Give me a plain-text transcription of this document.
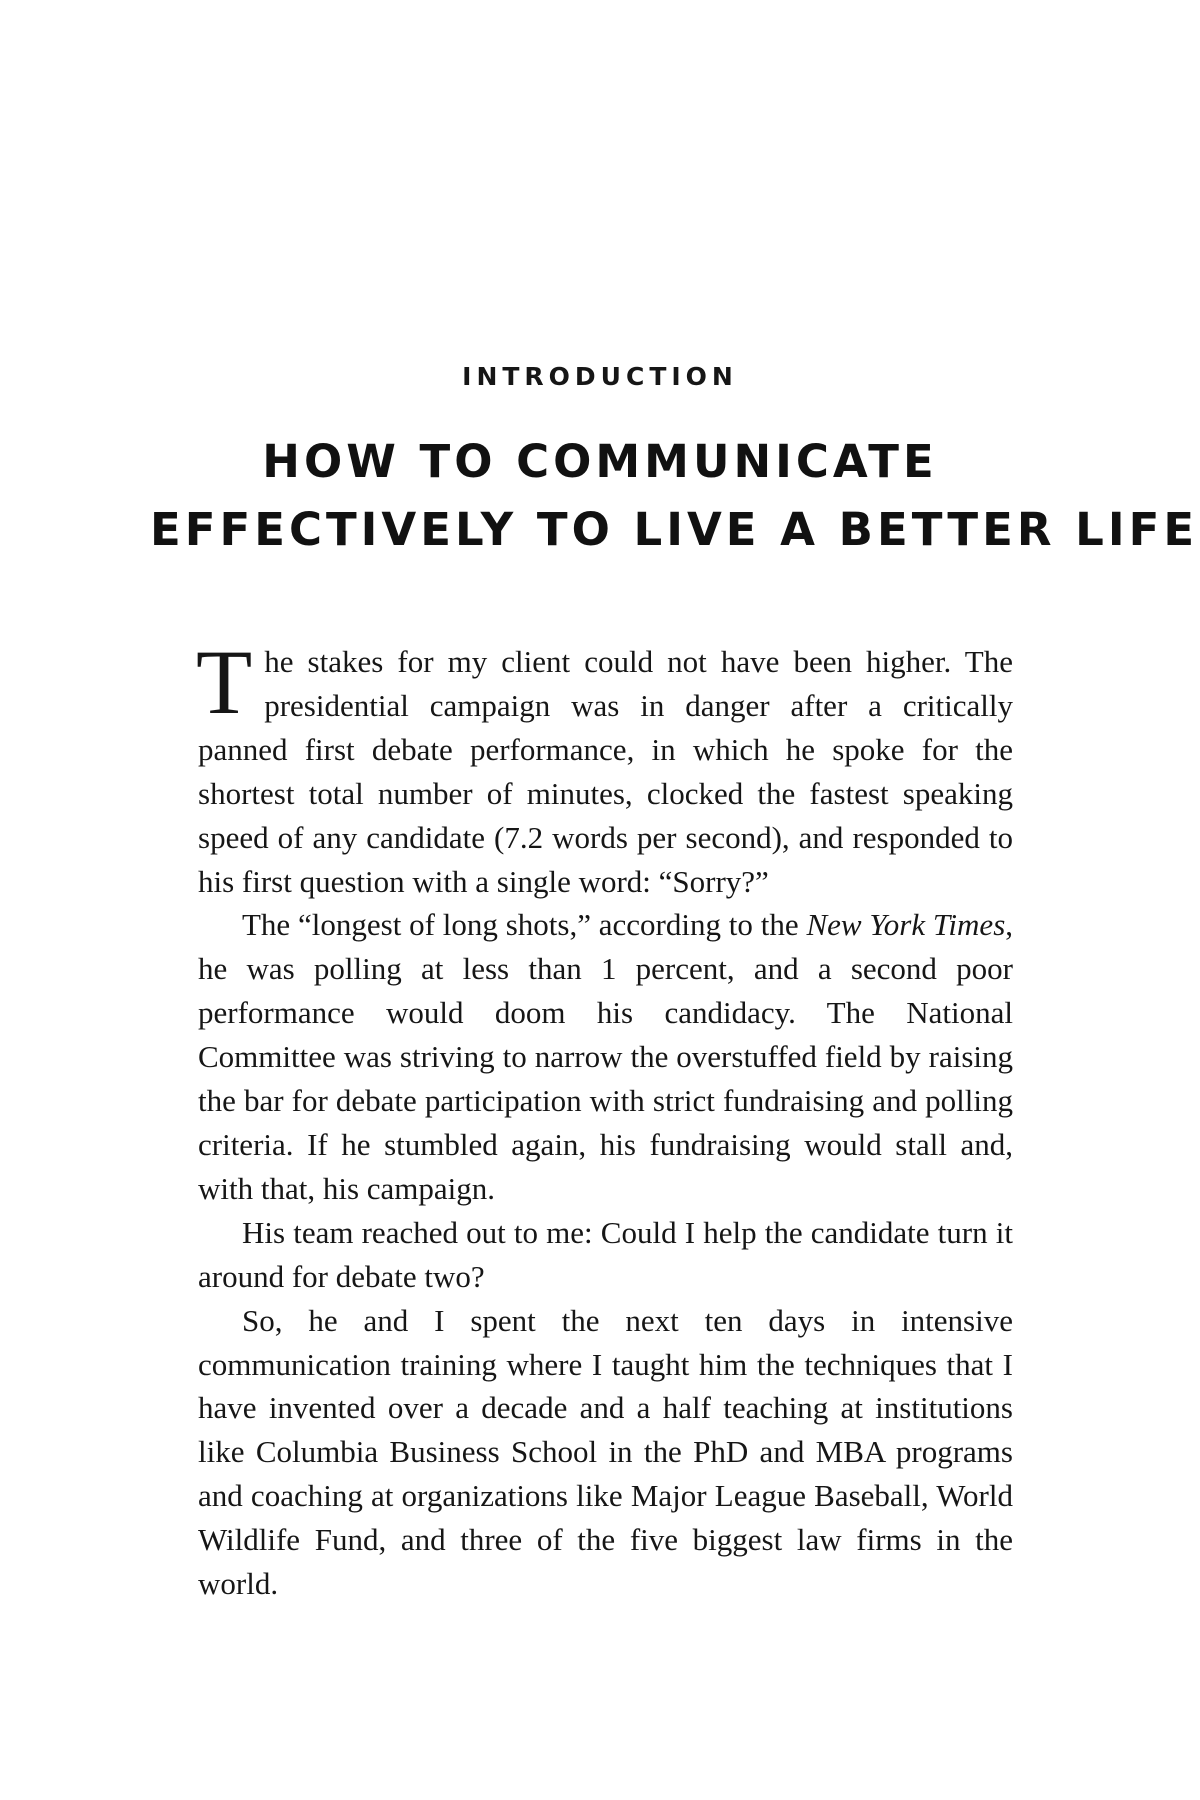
INTRODUCTION
HOW TO COMMUNICATE
EFFECTIVELY TO LIVE A BETTER LIFE

The stakes for my client could not have been higher. The presidential campaign was in danger after a critically panned first debate performance, in which he spoke for the shortest total number of minutes, clocked the fastest speaking speed of any candidate (7.2 words per second), and responded to his first question with a single word: “Sorry?”

The “longest of long shots,” according to the New York Times, he was polling at less than 1 percent, and a second poor performance would doom his candidacy. The National Committee was striving to narrow the overstuffed field by raising the bar for debate participation with strict fundraising and polling criteria. If he stumbled again, his fundraising would stall and, with that, his campaign.

His team reached out to me: Could I help the candidate turn it around for debate two?

So, he and I spent the next ten days in intensive communication training where I taught him the techniques that I have invented over a decade and a half teaching at institutions like Columbia Business School in the PhD and MBA programs and coaching at organizations like Major League Baseball, World Wildlife Fund, and three of the five biggest law firms in the world.
